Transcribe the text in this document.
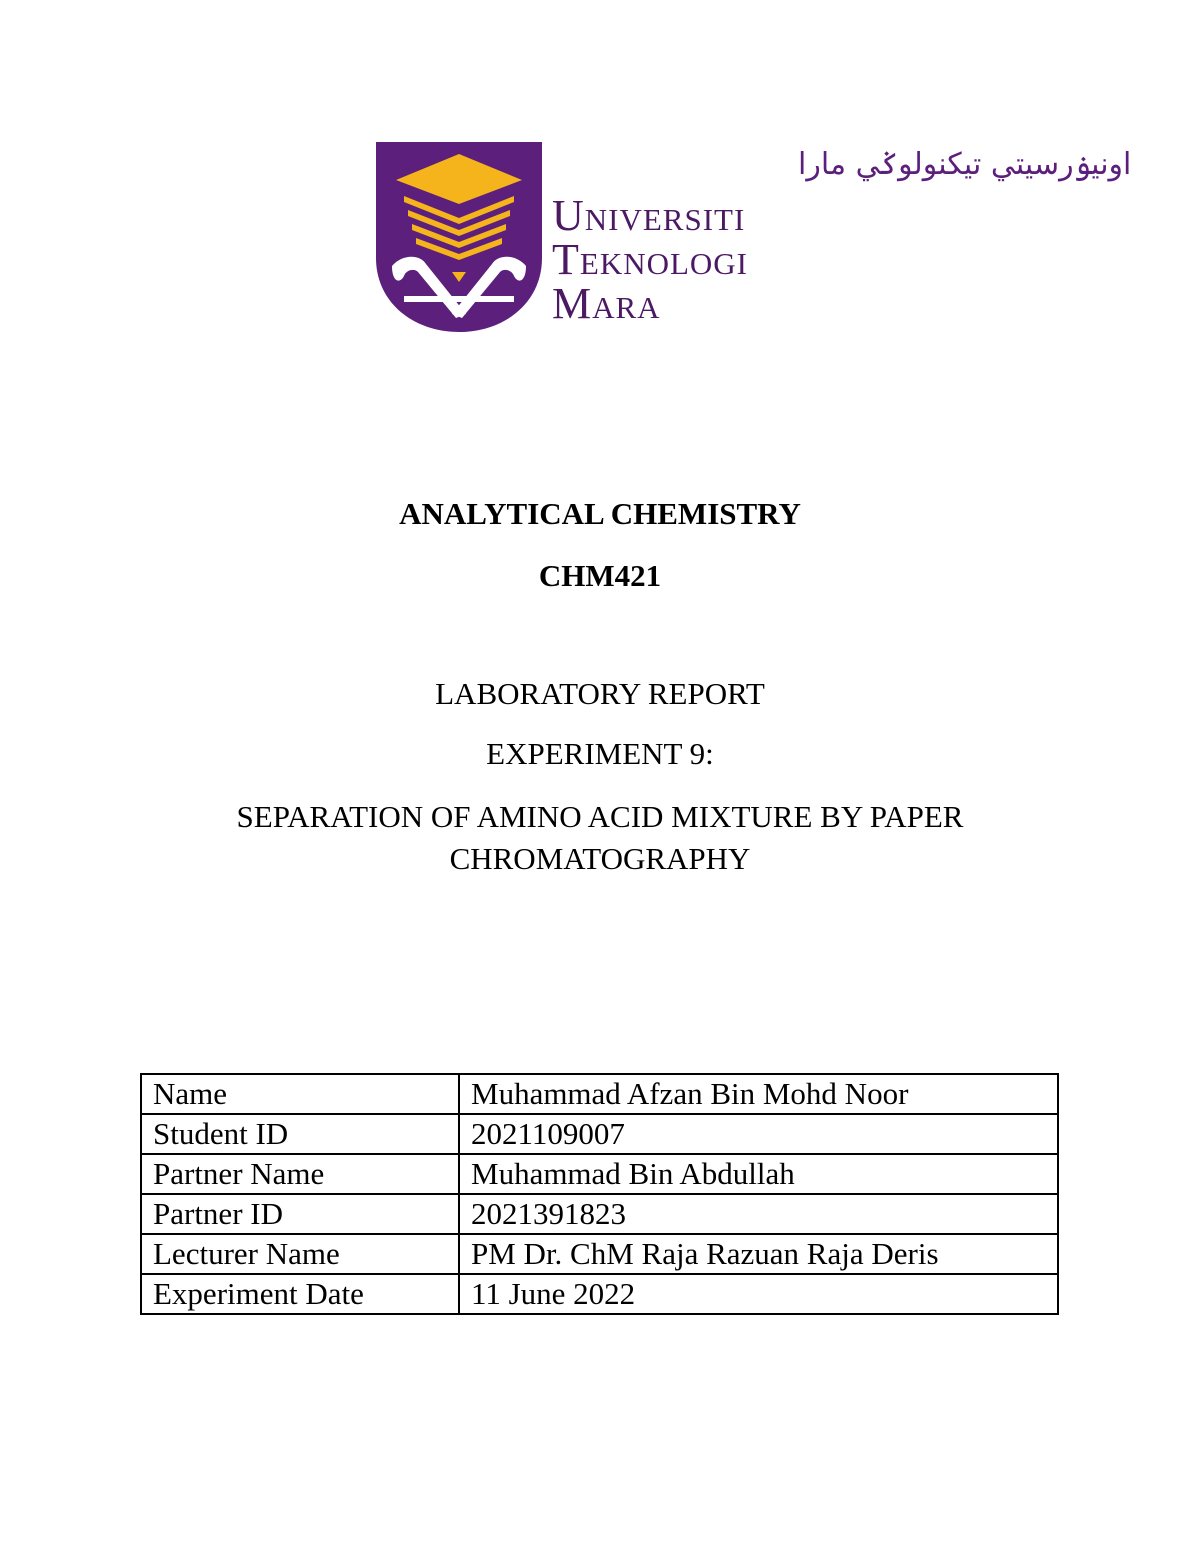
اونيۏرسيتي تيكنولوݢي مارا
Universiti
Teknologi
Mara
ANALYTICAL CHEMISTRY
CHM421
LABORATORY REPORT
EXPERIMENT 9:
SEPARATION OF AMINO ACID MIXTURE BY PAPER CHROMATOGRAPHY
Name	Muhammad Afzan Bin Mohd Noor
Student ID	2021109007
Partner Name	Muhammad Bin Abdullah
Partner ID	2021391823
Lecturer Name	PM Dr. ChM Raja Razuan Raja Deris
Experiment Date	11 June 2022
